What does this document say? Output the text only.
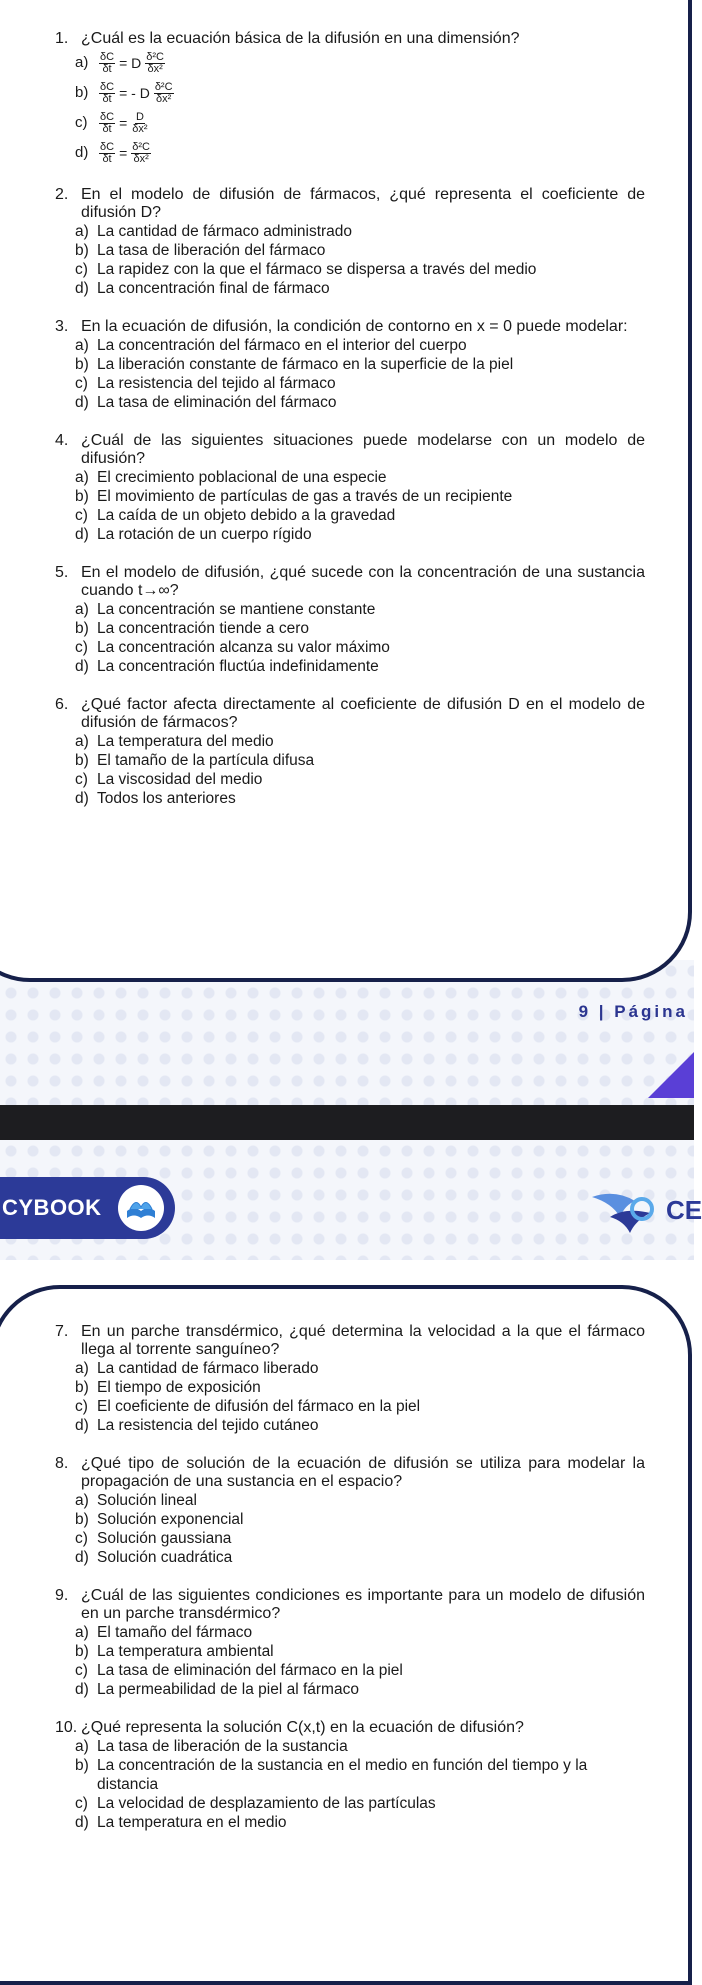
1. ¿Cuál es la ecuación básica de la difusión en una dimensión?
$a) \frac{\delta C}{\delta t} = D \frac{\text{δ²C}}{\text{δx²}}$
$b) \frac{\delta C}{\delta t}$ = - D $\frac{\text{δ²C}}{\text{δx²}}$
c)	$\frac{\delta C}{\delta t} = \frac{D}{\text{δx²}}$
$d) \frac{\delta C}{\delta t} = \frac{\text{δ²C}}{\text{δx²}}$
2. En el modelo de difusión de fármacos, ¿qué representa el coeficiente de difusión D?
a) La cantidad de fármaco administrado
b) La tasa de liberación del fármaco
c) La rapidez con la que el fármaco se dispersa a través del medio
d) La concentración final de fármaco
3. En la ecuación de difusión, la condición de contorno en x = 0 puede modelar:
a) La concentración del fármaco en el interior del cuerpo
b) La liberación constante de fármaco en la superficie de la piel
c) La resistencia del tejido al fármaco
d) La tasa de eliminación del fármaco
4. ¿Cuál de las siguientes situaciones puede modelarse con un modelo de difusión?
a) El crecimiento poblacional de una especie
b) El movimiento de partículas de gas a través de un recipiente
c) La caída de un objeto debido a la gravedad
d) La rotación de un cuerpo rígido
5. En el modelo de difusión, ¿qué sucede con la concentración de una sustancia cuando t→∞?
a) La concentración se mantiene constante
b) La concentración tiende a cero
c) La concentración alcanza su valor máximo
d) La concentración fluctúa indefinidamente
6. ¿Qué factor afecta directamente al coeficiente de difusión D en el modelo de difusión de fármacos?
a) La temperatura del medio
b) El tamaño de la partícula difusa
c) La viscosidad del medio
d) Todos los anteriores
9 | Página
CYBOOK	CE
7. En un parche transdérmico, ¿qué determina la velocidad a la que el fármaco llega al torrente sanguíneo?
a) La cantidad de fármaco liberado
b) El tiempo de exposición
c) El coeficiente de difusión del fármaco en la piel
d) La resistencia del tejido cutáneo
8. ¿Qué tipo de solución de la ecuación de difusión se utiliza para modelar la propagación de una sustancia en el espacio?
a) Solución lineal
b) Solución exponencial
c) Solución gaussiana
d) Solución cuadrática
9. ¿Cuál de las siguientes condiciones es importante para un modelo de difusión en un parche transdérmico?
a) El tamaño del fármaco
b) La temperatura ambiental
c) La tasa de eliminación del fármaco en la piel
d) La permeabilidad de la piel al fármaco
10. ¿Qué representa la solución C(x,t) en la ecuación de difusión?
a) La tasa de liberación de la sustancia
b) La concentración de la sustancia en el medio en función del tiempo y la distancia
c) La velocidad de desplazamiento de las partículas
d) La temperatura en el medio
